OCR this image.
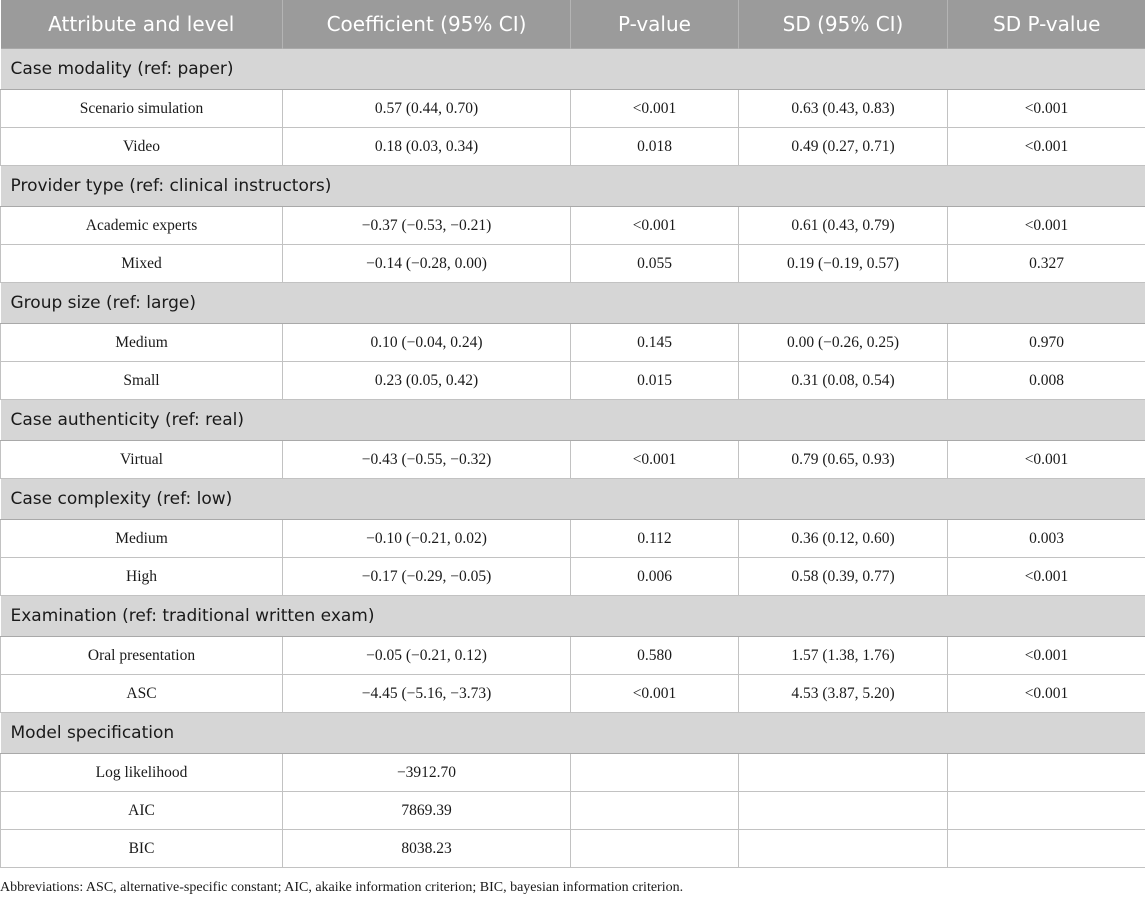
Attribute and level	Coefficient (95% CI)	P-value	SD (95% CI)	SD P-value
Case modality (ref: paper)				
Scenario simulation	0.57 (0.44, 0.70)	<0.001	0.63 (0.43, 0.83)	<0.001
Video	0.18 (0.03, 0.34)	0.018	0.49 (0.27, 0.71)	<0.001
Provider type (ref: clinical instructors)				
Academic experts	−0.37 (−0.53, −0.21)	<0.001	0.61 (0.43, 0.79)	<0.001
Mixed	−0.14 (−0.28, 0.00)	0.055	0.19 (−0.19, 0.57)	0.327
Group size (ref: large)				
Medium	0.10 (−0.04, 0.24)	0.145	0.00 (−0.26, 0.25)	0.970
Small	0.23 (0.05, 0.42)	0.015	0.31 (0.08, 0.54)	0.008
Case authenticity (ref: real)				
Virtual	−0.43 (−0.55, −0.32)	<0.001	0.79 (0.65, 0.93)	<0.001
Case complexity (ref: low)				
Medium	−0.10 (−0.21, 0.02)	0.112	0.36 (0.12, 0.60)	0.003
High	−0.17 (−0.29, −0.05)	0.006	0.58 (0.39, 0.77)	<0.001
Examination (ref: traditional written exam)				
Oral presentation	−0.05 (−0.21, 0.12)	0.580	1.57 (1.38, 1.76)	<0.001
ASC	−4.45 (−5.16, −3.73)	<0.001	4.53 (3.87, 5.20)	<0.001
Model specification				
Log likelihood	−3912.70			
AIC	7869.39			
BIC	8038.23			

Abbreviations: ASC, alternative-specific constant; AIC, akaike information criterion; BIC, bayesian information criterion.
